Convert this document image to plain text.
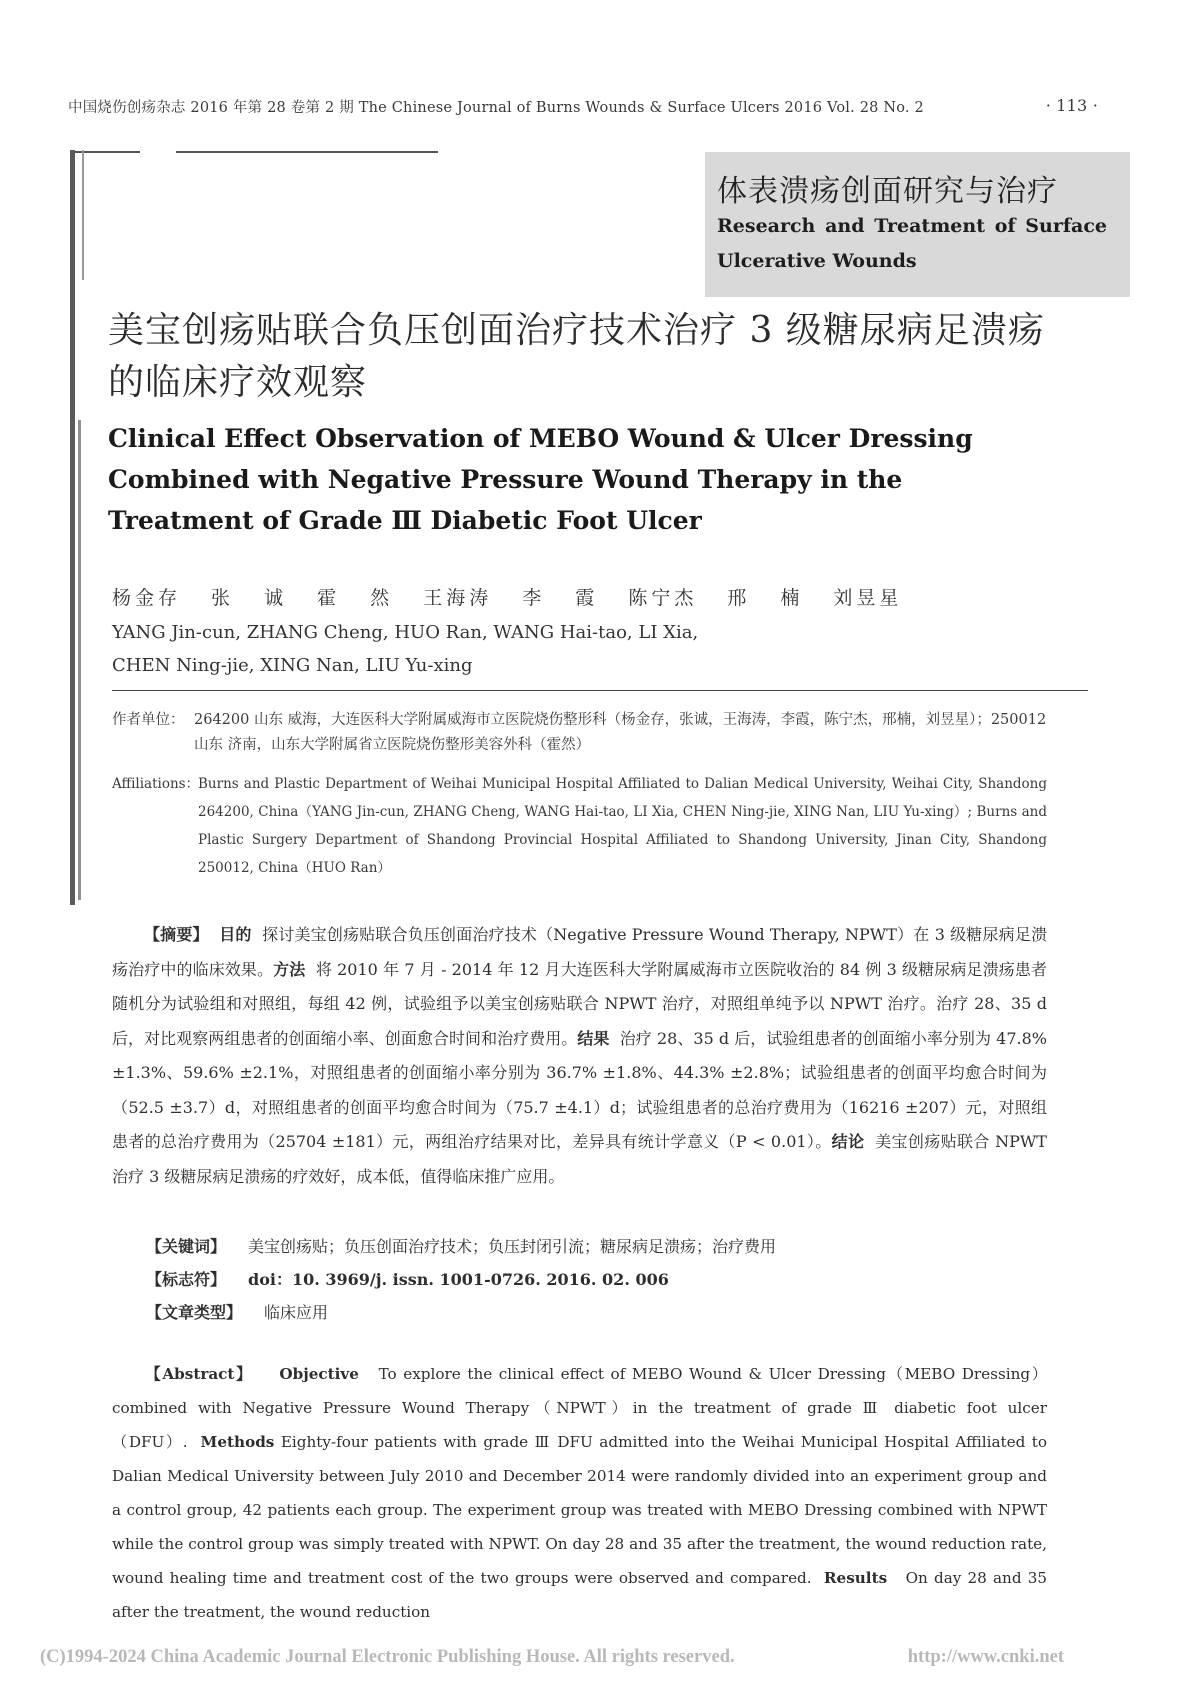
中国烧伤创疡杂志 2016 年第 28 卷第 2 期 The Chinese Journal of Burns Wounds & Surface Ulcers 2016 Vol. 28 No. 2	· 113 ·
体表溃疡创面研究与治疗
Research and Treatment of Surface Ulcerative Wounds
美宝创疡贴联合负压创面治疗技术治疗 3 级糖尿病足溃疡的临床疗效观察
Clinical Effect Observation of MEBO Wound & Ulcer Dressing Combined with Negative Pressure Wound Therapy in the Treatment of Grade Ⅲ Diabetic Foot Ulcer
杨金存 张 诚 霍 然 王海涛 李 霞 陈宁杰 邢 楠 刘昱星
YANG Jin-cun, ZHANG Cheng, HUO Ran, WANG Hai-tao, LI Xia, CHEN Ning-jie, XING Nan, LIU Yu-xing
作者单位： 264200 山东 威海，大连医科大学附属威海市立医院烧伤整形科（杨金存，张诚，王海涛，李霞，陈宁杰，邢楠，刘昱星）；250012 山东 济南，山东大学附属省立医院烧伤整形美容外科（霍然）
Affiliations：
Burns and Plastic Department of Weihai Municipal Hospital Affiliated to Dalian Medical University, Weihai City, Shandong 264200, China（YANG Jin-cun, ZHANG Cheng, WANG Hai-tao, LI Xia, CHEN Ning-jie, XING Nan, LIU Yu-xing）; Burns and Plastic Surgery Department of Shandong Provincial Hospital Affiliated to Shandong University, Jinan City, Shandong 250012, China（HUO Ran）
【摘要】 目的 探讨美宝创疡贴联合负压创面治疗技术（Negative Pressure Wound Therapy, NPWT）在 3 级糖尿病足溃疡治疗中的临床效果。方法 将 2010 年 7 月 - 2014 年 12 月大连医科大学附属威海市立医院收治的 84 例 3 级糖尿病足溃疡患者随机分为试验组和对照组，每组 42 例，试验组予以美宝创疡贴联合 NPWT 治疗，对照组单纯予以 NPWT 治疗。治疗 28、35 d 后，对比观察两组患者的创面缩小率、创面愈合时间和治疗费用。结果 治疗 28、35 d 后，试验组患者的创面缩小率分别为 47.8% ±1.3%、59.6% ±2.1%，对照组患者的创面缩小率分别为 36.7% ±1.8%、44.3% ±2.8%；试验组患者的创面平均愈合时间为（52.5 ±3.7）d，对照组患者的创面平均愈合时间为（75.7 ±4.1）d；试验组患者的总治疗费用为（16216 ±207）元，对照组患者的总治疗费用为（25704 ±181）元，两组治疗结果对比，差异具有统计学意义（P < 0.01）。结论 美宝创疡贴联合 NPWT 治疗 3 级糖尿病足溃疡的疗效好，成本低，值得临床推广应用。
【关键词】 美宝创疡贴；负压创面治疗技术；负压封闭引流；糖尿病足溃疡；治疗费用
【标志符】 doi：10. 3969/j. issn. 1001-0726. 2016. 02. 006
【文章类型】 临床应用
【Abstract】 Objective To explore the clinical effect of MEBO Wound & Ulcer Dressing（MEBO Dressing）combined with Negative Pressure Wound Therapy（NPWT）in the treatment of grade Ⅲ diabetic foot ulcer（DFU）. Methods Eighty-four patients with grade Ⅲ DFU admitted into the Weihai Municipal Hospital Affiliated to Dalian Medical University between July 2010 and December 2014 were randomly divided into an experiment group and a control group, 42 patients each group. The experiment group was treated with MEBO Dressing combined with NPWT while the control group was simply treated with NPWT. On day 28 and 35 after the treatment, the wound reduction rate, wound healing time and treatment cost of the two groups were observed and compared. Results On day 28 and 35 after the treatment, the wound reduction
(C)1994-2024 China Academic Journal Electronic Publishing House. All rights reserved.	http://www.cnki.net
